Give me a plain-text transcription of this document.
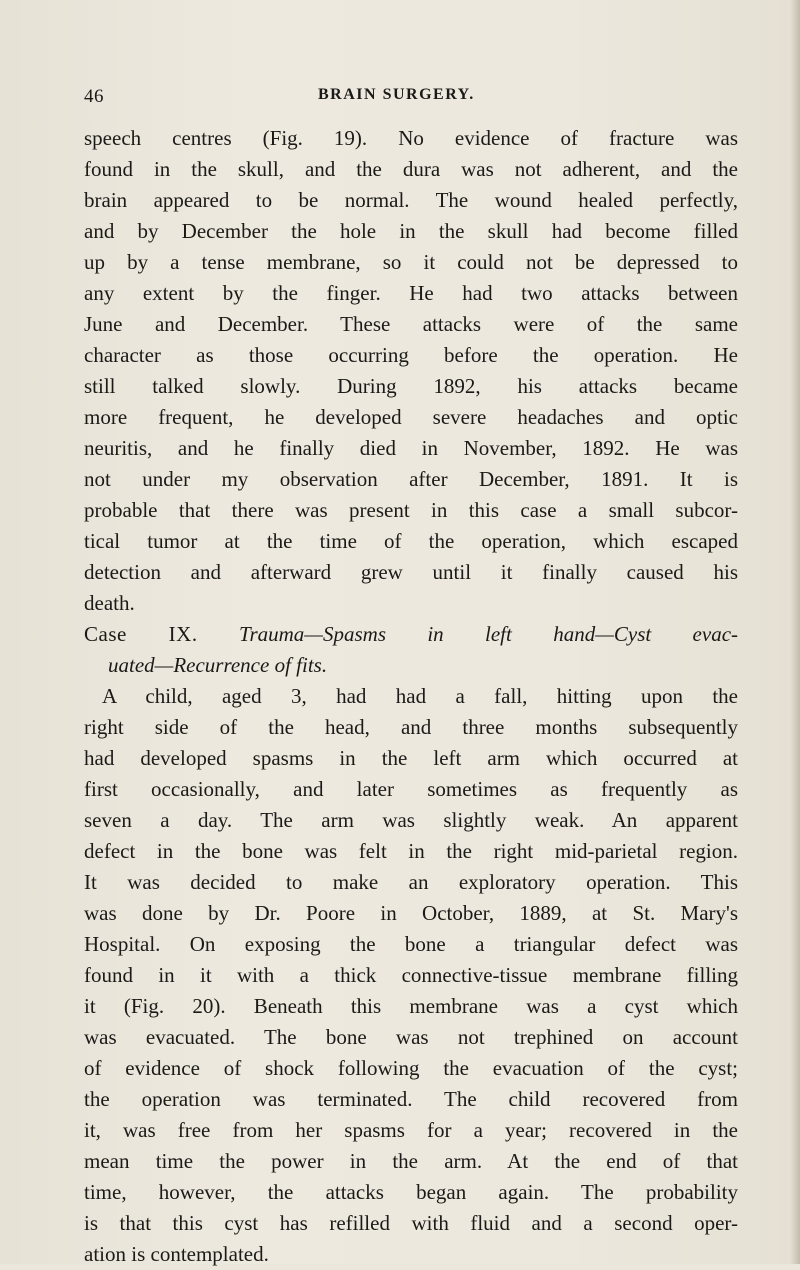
46	BRAIN SURGERY.
speech centres (Fig. 19). No evidence of fracture was
found in the skull, and the dura was not adherent, and the
brain appeared to be normal. The wound healed perfectly,
and by December the hole in the skull had become filled
up by a tense membrane, so it could not be depressed to
any extent by the finger. He had two attacks between
June and December. These attacks were of the same
character as those occurring before the operation. He
still talked slowly. During 1892, his attacks became
more frequent, he developed severe headaches and optic
neuritis, and he finally died in November, 1892. He was
not under my observation after December, 1891. It is
probable that there was present in this case a small subcor-
tical tumor at the time of the operation, which escaped
detection and afterward grew until it finally caused his
death.
Case IX. Trauma—Spasms in left hand—Cyst evac-
uated—Recurrence of fits.
A child, aged 3, had had a fall, hitting upon the
right side of the head, and three months subsequently
had developed spasms in the left arm which occurred at
first occasionally, and later sometimes as frequently as
seven a day. The arm was slightly weak. An apparent
defect in the bone was felt in the right mid-parietal region.
It was decided to make an exploratory operation. This
was done by Dr. Poore in October, 1889, at St. Mary's
Hospital. On exposing the bone a triangular defect was
found in it with a thick connective-tissue membrane filling
it (Fig. 20). Beneath this membrane was a cyst which
was evacuated. The bone was not trephined on account
of evidence of shock following the evacuation of the cyst;
the operation was terminated. The child recovered from
it, was free from her spasms for a year; recovered in the
mean time the power in the arm. At the end of that
time, however, the attacks began again. The probability
is that this cyst has refilled with fluid and a second oper-
ation is contemplated.
